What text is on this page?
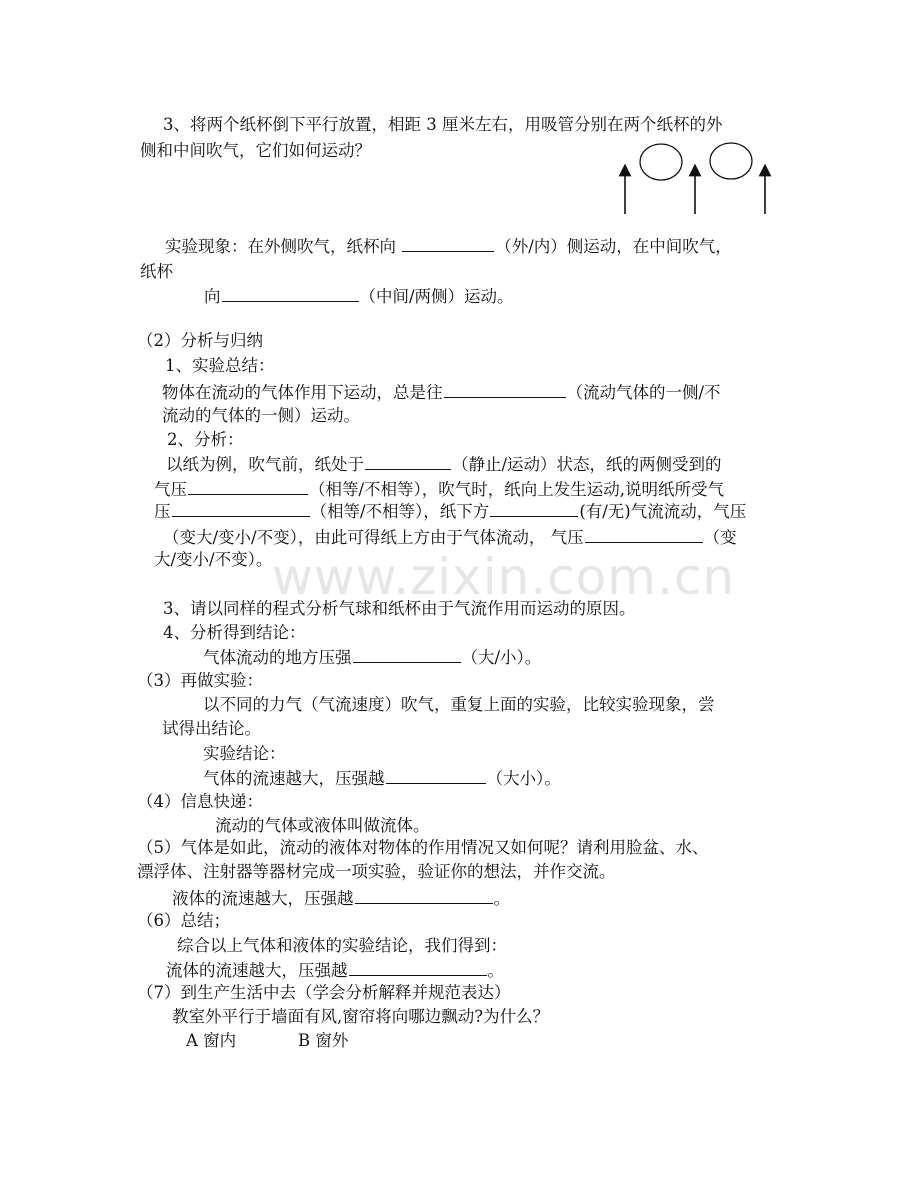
www.zixin.com.cn
3、将两个纸杯倒下平行放置，相距 3 厘米左右，用吸管分别在两个纸杯的外
侧和中间吹气，它们如何运动？
实验现象：在外侧吹气，纸杯向	（外/内）侧运动，在中间吹气，
纸杯
向	（中间/两侧）运动。
（2）分析与归纳
1、实验总结：
物体在流动的气体作用下运动，总是往	（流动气体的一侧/不
流动的气体的一侧）运动。
2、分析：
以纸为例，吹气前，纸处于	（静止/运动）状态，纸的两侧受到的
气压	（相等/不相等），吹气时，纸向上发生运动,说明纸所受气
压	（相等/不相等），纸下方	(有/无)气流流动，气压
（变大/变小/不变），由此可得纸上方由于气体流动， 气压	（变
大/变小/不变）。
3、请以同样的程式分析气球和纸杯由于气流作用而运动的原因。
4、分析得到结论：
气体流动的地方压强	（大/小）。
（3）再做实验：
以不同的力气（气流速度）吹气，重复上面的实验，比较实验现象，尝
试得出结论。
实验结论：
气体的流速越大，压强越	（大小）。
（4）信息快递：
流动的气体或液体叫做流体。
（5）气体是如此，流动的液体对物体的作用情况又如何呢？请利用脸盆、水、
漂浮体、注射器等器材完成一项实验，验证你的想法，并作交流。
液体的流速越大，压强越	。
（6）总结；
综合以上气体和液体的实验结论，我们得到：
流体的流速越大，压强越	。
（7）到生产生活中去（学会分析解释并规范表达）
教室外平行于墙面有风,窗帘将向哪边飘动?为什么？
A 窗内	B 窗外
